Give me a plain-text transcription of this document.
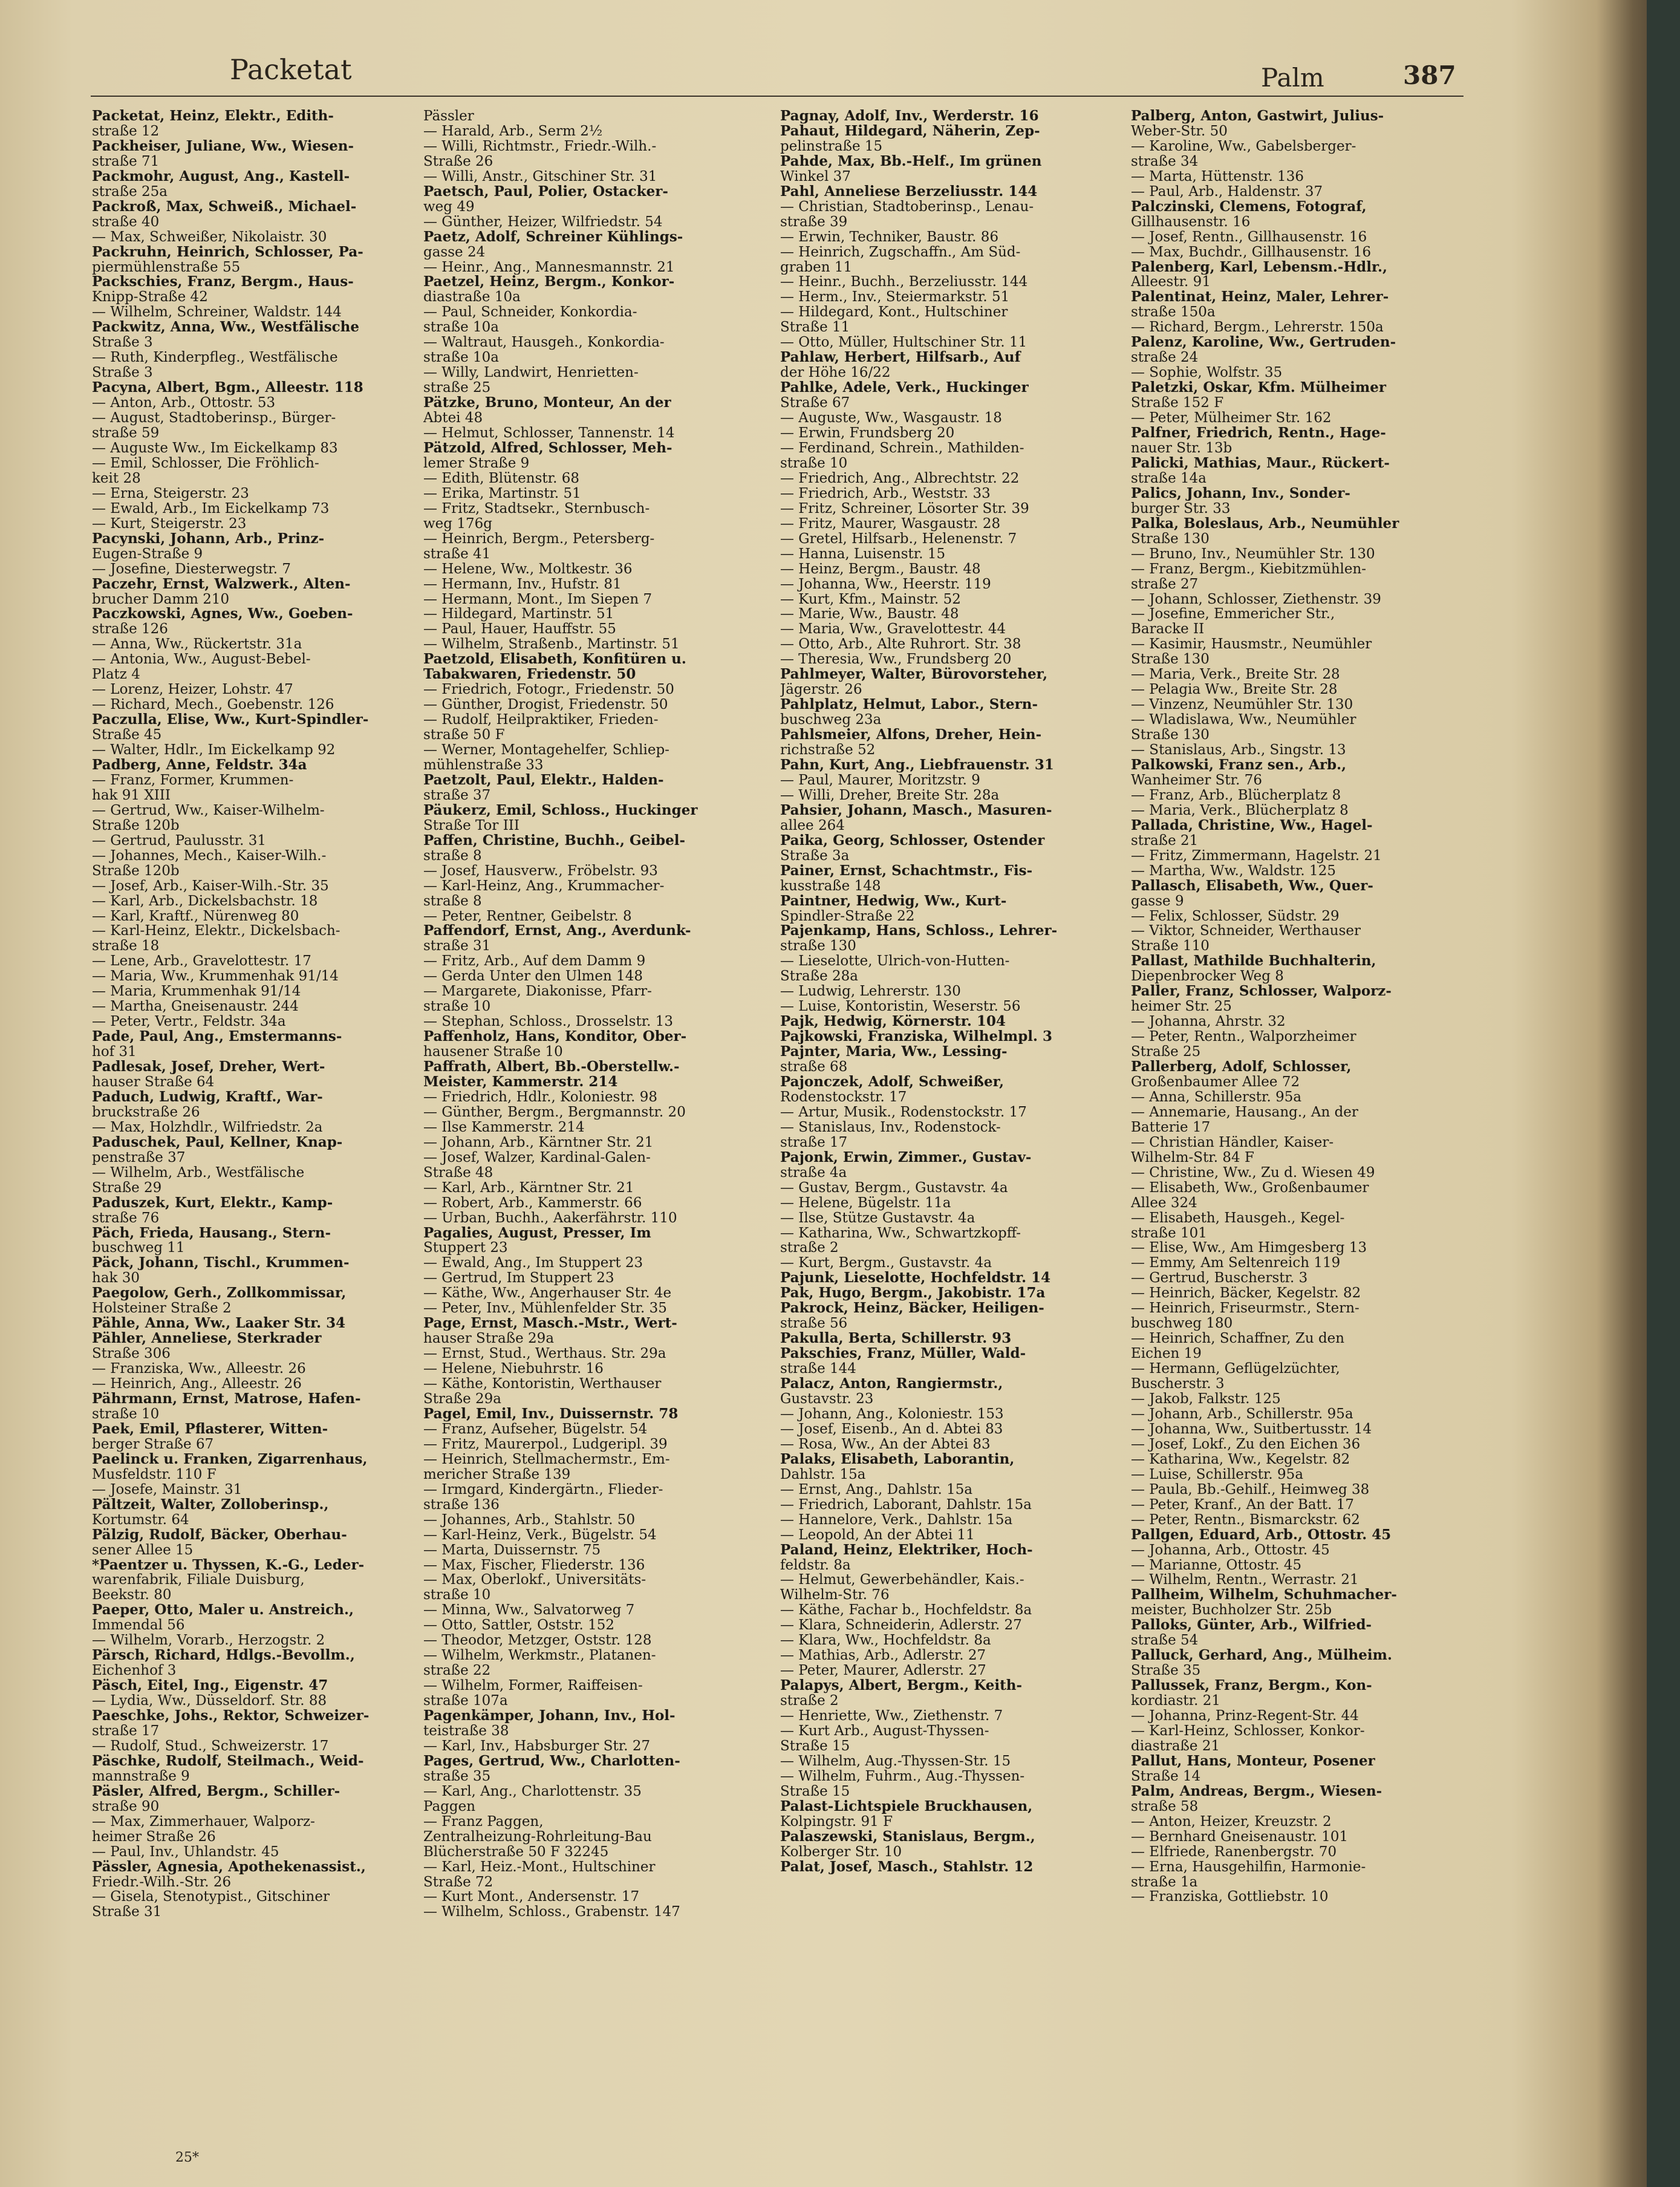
Packetat	Palm	387
Packetat, Heinz, Elektr., Edith-
straße 12
Packheiser, Juliane, Ww., Wiesen-
straße 71
Packmohr, August, Ang., Kastell-
straße 25a
Packroß, Max, Schweiß., Michael-
straße 40
— Max, Schweißer, Nikolaistr. 30
Packruhn, Heinrich, Schlosser, Pa-
piermühlenstraße 55
Packschies, Franz, Bergm., Haus-
Knipp-Straße 42
— Wilhelm, Schreiner, Waldstr. 144
Packwitz, Anna, Ww., Westfälische
Straße 3
— Ruth, Kinderpfleg., Westfälische
Straße 3
Pacyna, Albert, Bgm., Alleestr. 118
— Anton, Arb., Ottostr. 53
— August, Stadtoberinsp., Bürger-
straße 59
— Auguste Ww., Im Eickelkamp 83
— Emil, Schlosser, Die Fröhlich-
keit 28
— Erna, Steigerstr. 23
— Ewald, Arb., Im Eickelkamp 73
— Kurt, Steigerstr. 23
Pacynski, Johann, Arb., Prinz-
Eugen-Straße 9
— Josefine, Diesterwegstr. 7
Paczehr, Ernst, Walzwerk., Alten-
brucher Damm 210
Paczkowski, Agnes, Ww., Goeben-
straße 126
— Anna, Ww., Rückertstr. 31a
— Antonia, Ww., August-Bebel-
Platz 4
— Lorenz, Heizer, Lohstr. 47
— Richard, Mech., Goebenstr. 126
Paczulla, Elise, Ww., Kurt-Spindler-
Straße 45
— Walter, Hdlr., Im Eickelkamp 92
Padberg, Anne, Feldstr. 34a
— Franz, Former, Krummen-
hak 91 XIII
— Gertrud, Ww., Kaiser-Wilhelm-
Straße 120b
— Gertrud, Paulusstr. 31
— Johannes, Mech., Kaiser-Wilh.-
Straße 120b
— Josef, Arb., Kaiser-Wilh.-Str. 35
— Karl, Arb., Dickelsbachstr. 18
— Karl, Kraftf., Nürenweg 80
— Karl-Heinz, Elektr., Dickelsbach-
straße 18
— Lene, Arb., Gravelottestr. 17
— Maria, Ww., Krummenhak 91/14
— Maria, Krummenhak 91/14
— Martha, Gneisenaustr. 244
— Peter, Vertr., Feldstr. 34a
Pade, Paul, Ang., Emstermanns-
hof 31
Padlesak, Josef, Dreher, Wert-
hauser Straße 64
Paduch, Ludwig, Kraftf., War-
bruckstraße 26
— Max, Holzhdlr., Wilfriedstr. 2a
Paduschek, Paul, Kellner, Knap-
penstraße 37
— Wilhelm, Arb., Westfälische
Straße 29
Paduszek, Kurt, Elektr., Kamp-
straße 76
Päch, Frieda, Hausang., Stern-
buschweg 11
Päck, Johann, Tischl., Krummen-
hak 30
Paegolow, Gerh., Zollkommissar,
Holsteiner Straße 2
Pähle, Anna, Ww., Laaker Str. 34
Pähler, Anneliese, Sterkrader
Straße 306
— Franziska, Ww., Alleestr. 26
— Heinrich, Ang., Alleestr. 26
Pährmann, Ernst, Matrose, Hafen-
straße 10
Paek, Emil, Pflasterer, Witten-
berger Straße 67
Paelinck u. Franken, Zigarrenhaus,
Musfeldstr. 110 F
— Josefe, Mainstr. 31
Pältzeit, Walter, Zolloberinsp.,
Kortumstr. 64
Pälzig, Rudolf, Bäcker, Oberhau-
sener Allee 15
*Paentzer u. Thyssen, K.-G., Leder-
warenfabrik, Filiale Duisburg,
Beekstr. 80
Paeper, Otto, Maler u. Anstreich.,
Immendal 56
— Wilhelm, Vorarb., Herzogstr. 2
Pärsch, Richard, Hdlgs.-Bevollm.,
Eichenhof 3
Päsch, Eitel, Ing., Eigenstr. 47
— Lydia, Ww., Düsseldorf. Str. 88
Paeschke, Johs., Rektor, Schweizer-
straße 17
— Rudolf, Stud., Schweizerstr. 17
Päschke, Rudolf, Steilmach., Weid-
mannstraße 9
Päsler, Alfred, Bergm., Schiller-
straße 90
— Max, Zimmerhauer, Walporz-
heimer Straße 26
— Paul, Inv., Uhlandstr. 45
Pässler, Agnesia, Apothekenassist.,
Friedr.-Wilh.-Str. 26
— Gisela, Stenotypist., Gitschiner
Straße 31
Pässler
— Harald, Arb., Serm 2½
— Willi, Richtmstr., Friedr.-Wilh.-
Straße 26
— Willi, Anstr., Gitschiner Str. 31
Paetsch, Paul, Polier, Ostacker-
weg 49
— Günther, Heizer, Wilfriedstr. 54
Paetz, Adolf, Schreiner Kühlings-
gasse 24
— Heinr., Ang., Mannesmannstr. 21
Paetzel, Heinz, Bergm., Konkor-
diastraße 10a
— Paul, Schneider, Konkordia-
straße 10a
— Waltraut, Hausgeh., Konkordia-
straße 10a
— Willy, Landwirt, Henrietten-
straße 25
Pätzke, Bruno, Monteur, An der
Abtei 48
— Helmut, Schlosser, Tannenstr. 14
Pätzold, Alfred, Schlosser, Meh-
lemer Straße 9
— Edith, Blütenstr. 68
— Erika, Martinstr. 51
— Fritz, Stadtsekr., Sternbusch-
weg 176g
— Heinrich, Bergm., Petersberg-
straße 41
— Helene, Ww., Moltkestr. 36
— Hermann, Inv., Hufstr. 81
— Hermann, Mont., Im Siepen 7
— Hildegard, Martinstr. 51
— Paul, Hauer, Hauffstr. 55
— Wilhelm, Straßenb., Martinstr. 51
Paetzold, Elisabeth, Konfitüren u.
Tabakwaren, Friedenstr. 50
— Friedrich, Fotogr., Friedenstr. 50
— Günther, Drogist, Friedenstr. 50
— Rudolf, Heilpraktiker, Frieden-
straße 50 F
— Werner, Montagehelfer, Schliep-
mühlenstraße 33
Paetzolt, Paul, Elektr., Halden-
straße 37
Päukerz, Emil, Schloss., Huckinger
Straße Tor III
Paffen, Christine, Buchh., Geibel-
straße 8
— Josef, Hausverw., Fröbelstr. 93
— Karl-Heinz, Ang., Krummacher-
straße 8
— Peter, Rentner, Geibelstr. 8
Paffendorf, Ernst, Ang., Averdunk-
straße 31
— Fritz, Arb., Auf dem Damm 9
— Gerda Unter den Ulmen 148
— Margarete, Diakonisse, Pfarr-
straße 10
— Stephan, Schloss., Drosselstr. 13
Paffenholz, Hans, Konditor, Ober-
hausener Straße 10
Paffrath, Albert, Bb.-Oberstellw.-
Meister, Kammerstr. 214
— Friedrich, Hdlr., Koloniestr. 98
— Günther, Bergm., Bergmannstr. 20
— Ilse Kammerstr. 214
— Johann, Arb., Kärntner Str. 21
— Josef, Walzer, Kardinal-Galen-
Straße 48
— Karl, Arb., Kärntner Str. 21
— Robert, Arb., Kammerstr. 66
— Urban, Buchh., Aakerfährstr. 110
Pagalies, August, Presser, Im
Stuppert 23
— Ewald, Ang., Im Stuppert 23
— Gertrud, Im Stuppert 23
— Käthe, Ww., Angerhauser Str. 4e
— Peter, Inv., Mühlenfelder Str. 35
Page, Ernst, Masch.-Mstr., Wert-
hauser Straße 29a
— Ernst, Stud., Werthaus. Str. 29a
— Helene, Niebuhrstr. 16
— Käthe, Kontoristin, Werthauser
Straße 29a
Pagel, Emil, Inv., Duissernstr. 78
— Franz, Aufseher, Bügelstr. 54
— Fritz, Maurerpol., Ludgeripl. 39
— Heinrich, Stellmachermstr., Em-
mericher Straße 139
— Irmgard, Kindergärtn., Flieder-
straße 136
— Johannes, Arb., Stahlstr. 50
— Karl-Heinz, Verk., Bügelstr. 54
— Marta, Duissernstr. 75
— Max, Fischer, Fliederstr. 136
— Max, Oberlokf., Universitäts-
straße 10
— Minna, Ww., Salvatorweg 7
— Otto, Sattler, Oststr. 152
— Theodor, Metzger, Oststr. 128
— Wilhelm, Werkmstr., Platanen-
straße 22
— Wilhelm, Former, Raiffeisen-
straße 107a
Pagenkämper, Johann, Inv., Hol-
teistraße 38
— Karl, Inv., Habsburger Str. 27
Pages, Gertrud, Ww., Charlotten-
straße 35
— Karl, Ang., Charlottenstr. 35
Paggen
— Franz Paggen,
Zentralheizung-Rohrleitung-Bau
Blücherstraße 50 F 32245
— Karl, Heiz.-Mont., Hultschiner
Straße 72
— Kurt Mont., Andersenstr. 17
— Wilhelm, Schloss., Grabenstr. 147
Pagnay, Adolf, Inv., Werderstr. 16
Pahaut, Hildegard, Näherin, Zep-
pelinstraße 15
Pahde, Max, Bb.-Helf., Im grünen
Winkel 37
Pahl, Anneliese Berzeliusstr. 144
— Christian, Stadtoberinsp., Lenau-
straße 39
— Erwin, Techniker, Baustr. 86
— Heinrich, Zugschaffn., Am Süd-
graben 11
— Heinr., Buchh., Berzeliusstr. 144
— Herm., Inv., Steiermarkstr. 51
— Hildegard, Kont., Hultschiner
Straße 11
— Otto, Müller, Hultschiner Str. 11
Pahlaw, Herbert, Hilfsarb., Auf
der Höhe 16/22
Pahlke, Adele, Verk., Huckinger
Straße 67
— Auguste, Ww., Wasgaustr. 18
— Erwin, Frundsberg 20
— Ferdinand, Schrein., Mathilden-
straße 10
— Friedrich, Ang., Albrechtstr. 22
— Friedrich, Arb., Weststr. 33
— Fritz, Schreiner, Lösorter Str. 39
— Fritz, Maurer, Wasgaustr. 28
— Gretel, Hilfsarb., Helenenstr. 7
— Hanna, Luisenstr. 15
— Heinz, Bergm., Baustr. 48
— Johanna, Ww., Heerstr. 119
— Kurt, Kfm., Mainstr. 52
— Marie, Ww., Baustr. 48
— Maria, Ww., Gravelottestr. 44
— Otto, Arb., Alte Ruhrort. Str. 38
— Theresia, Ww., Frundsberg 20
Pahlmeyer, Walter, Bürovorsteher,
Jägerstr. 26
Pahlplatz, Helmut, Labor., Stern-
buschweg 23a
Pahlsmeier, Alfons, Dreher, Hein-
richstraße 52
Pahn, Kurt, Ang., Liebfrauenstr. 31
— Paul, Maurer, Moritzstr. 9
— Willi, Dreher, Breite Str. 28a
Pahsier, Johann, Masch., Masuren-
allee 264
Paika, Georg, Schlosser, Ostender
Straße 3a
Painer, Ernst, Schachtmstr., Fis-
kusstraße 148
Paintner, Hedwig, Ww., Kurt-
Spindler-Straße 22
Pajenkamp, Hans, Schloss., Lehrer-
straße 130
— Lieselotte, Ulrich-von-Hutten-
Straße 28a
— Ludwig, Lehrerstr. 130
— Luise, Kontoristin, Weserstr. 56
Pajk, Hedwig, Körnerstr. 104
Pajkowski, Franziska, Wilhelmpl. 3
Pajnter, Maria, Ww., Lessing-
straße 68
Pajonczek, Adolf, Schweißer,
Rodenstockstr. 17
— Artur, Musik., Rodenstockstr. 17
— Stanislaus, Inv., Rodenstock-
straße 17
Pajonk, Erwin, Zimmer., Gustav-
straße 4a
— Gustav, Bergm., Gustavstr. 4a
— Helene, Bügelstr. 11a
— Ilse, Stütze Gustavstr. 4a
— Katharina, Ww., Schwartzkopff-
straße 2
— Kurt, Bergm., Gustavstr. 4a
Pajunk, Lieselotte, Hochfeldstr. 14
Pak, Hugo, Bergm., Jakobistr. 17a
Pakrock, Heinz, Bäcker, Heiligen-
straße 56
Pakulla, Berta, Schillerstr. 93
Pakschies, Franz, Müller, Wald-
straße 144
Palacz, Anton, Rangiermstr.,
Gustavstr. 23
— Johann, Ang., Koloniestr. 153
— Josef, Eisenb., An d. Abtei 83
— Rosa, Ww., An der Abtei 83
Palaks, Elisabeth, Laborantin,
Dahlstr. 15a
— Ernst, Ang., Dahlstr. 15a
— Friedrich, Laborant, Dahlstr. 15a
— Hannelore, Verk., Dahlstr. 15a
— Leopold, An der Abtei 11
Paland, Heinz, Elektriker, Hoch-
feldstr. 8a
— Helmut, Gewerbehändler, Kais.-
Wilhelm-Str. 76
— Käthe, Fachar b., Hochfeldstr. 8a
— Klara, Schneiderin, Adlerstr. 27
— Klara, Ww., Hochfeldstr. 8a
— Mathias, Arb., Adlerstr. 27
— Peter, Maurer, Adlerstr. 27
Palapys, Albert, Bergm., Keith-
straße 2
— Henriette, Ww., Ziethenstr. 7
— Kurt Arb., August-Thyssen-
Straße 15
— Wilhelm, Aug.-Thyssen-Str. 15
— Wilhelm, Fuhrm., Aug.-Thyssen-
Straße 15
Palast-Lichtspiele Bruckhausen,
Kolpingstr. 91 F
Palaszewski, Stanislaus, Bergm.,
Kolberger Str. 10
Palat, Josef, Masch., Stahlstr. 12
Palberg, Anton, Gastwirt, Julius-
Weber-Str. 50
— Karoline, Ww., Gabelsberger-
straße 34
— Marta, Hüttenstr. 136
— Paul, Arb., Haldenstr. 37
Palczinski, Clemens, Fotograf,
Gillhausenstr. 16
— Josef, Rentn., Gillhausenstr. 16
— Max, Buchdr., Gillhausenstr. 16
Palenberg, Karl, Lebensm.-Hdlr.,
Alleestr. 91
Palentinat, Heinz, Maler, Lehrer-
straße 150a
— Richard, Bergm., Lehrerstr. 150a
Palenz, Karoline, Ww., Gertruden-
straße 24
— Sophie, Wolfstr. 35
Paletzki, Oskar, Kfm. Mülheimer
Straße 152 F
— Peter, Mülheimer Str. 162
Palfner, Friedrich, Rentn., Hage-
nauer Str. 13b
Palicki, Mathias, Maur., Rückert-
straße 14a
Palics, Johann, Inv., Sonder-
burger Str. 33
Palka, Boleslaus, Arb., Neumühler
Straße 130
— Bruno, Inv., Neumühler Str. 130
— Franz, Bergm., Kiebitzmühlen-
straße 27
— Johann, Schlosser, Ziethenstr. 39
— Josefine, Emmericher Str.,
Baracke II
— Kasimir, Hausmstr., Neumühler
Straße 130
— Maria, Verk., Breite Str. 28
— Pelagia Ww., Breite Str. 28
— Vinzenz, Neumühler Str. 130
— Wladislawa, Ww., Neumühler
Straße 130
— Stanislaus, Arb., Singstr. 13
Palkowski, Franz sen., Arb.,
Wanheimer Str. 76
— Franz, Arb., Blücherplatz 8
— Maria, Verk., Blücherplatz 8
Pallada, Christine, Ww., Hagel-
straße 21
— Fritz, Zimmermann, Hagelstr. 21
— Martha, Ww., Waldstr. 125
Pallasch, Elisabeth, Ww., Quer-
gasse 9
— Felix, Schlosser, Südstr. 29
— Viktor, Schneider, Werthauser
Straße 110
Pallast, Mathilde Buchhalterin,
Diepenbrocker Weg 8
Paller, Franz, Schlosser, Walporz-
heimer Str. 25
— Johanna, Ahrstr. 32
— Peter, Rentn., Walporzheimer
Straße 25
Pallerberg, Adolf, Schlosser,
Großenbaumer Allee 72
— Anna, Schillerstr. 95a
— Annemarie, Hausang., An der
Batterie 17
— Christian Händler, Kaiser-
Wilhelm-Str. 84 F
— Christine, Ww., Zu d. Wiesen 49
— Elisabeth, Ww., Großenbaumer
Allee 324
— Elisabeth, Hausgeh., Kegel-
straße 101
— Elise, Ww., Am Himgesberg 13
— Emmy, Am Seltenreich 119
— Gertrud, Buscherstr. 3
— Heinrich, Bäcker, Kegelstr. 82
— Heinrich, Friseurmstr., Stern-
buschweg 180
— Heinrich, Schaffner, Zu den
Eichen 19
— Hermann, Geflügelzüchter,
Buscherstr. 3
— Jakob, Falkstr. 125
— Johann, Arb., Schillerstr. 95a
— Johanna, Ww., Suitbertusstr. 14
— Josef, Lokf., Zu den Eichen 36
— Katharina, Ww., Kegelstr. 82
— Luise, Schillerstr. 95a
— Paula, Bb.-Gehilf., Heimweg 38
— Peter, Kranf., An der Batt. 17
— Peter, Rentn., Bismarckstr. 62
Pallgen, Eduard, Arb., Ottostr. 45
— Johanna, Arb., Ottostr. 45
— Marianne, Ottostr. 45
— Wilhelm, Rentn., Werrastr. 21
Pallheim, Wilhelm, Schuhmacher-
meister, Buchholzer Str. 25b
Palloks, Günter, Arb., Wilfried-
straße 54
Palluck, Gerhard, Ang., Mülheim.
Straße 35
Pallussek, Franz, Bergm., Kon-
kordiastr. 21
— Johanna, Prinz-Regent-Str. 44
— Karl-Heinz, Schlosser, Konkor-
diastraße 21
Pallut, Hans, Monteur, Posener
Straße 14
Palm, Andreas, Bergm., Wiesen-
straße 58
— Anton, Heizer, Kreuzstr. 2
— Bernhard Gneisenaustr. 101
— Elfriede, Ranenbergstr. 70
— Erna, Hausgehilfin, Harmonie-
straße 1a
— Franziska, Gottliebstr. 10
25*
